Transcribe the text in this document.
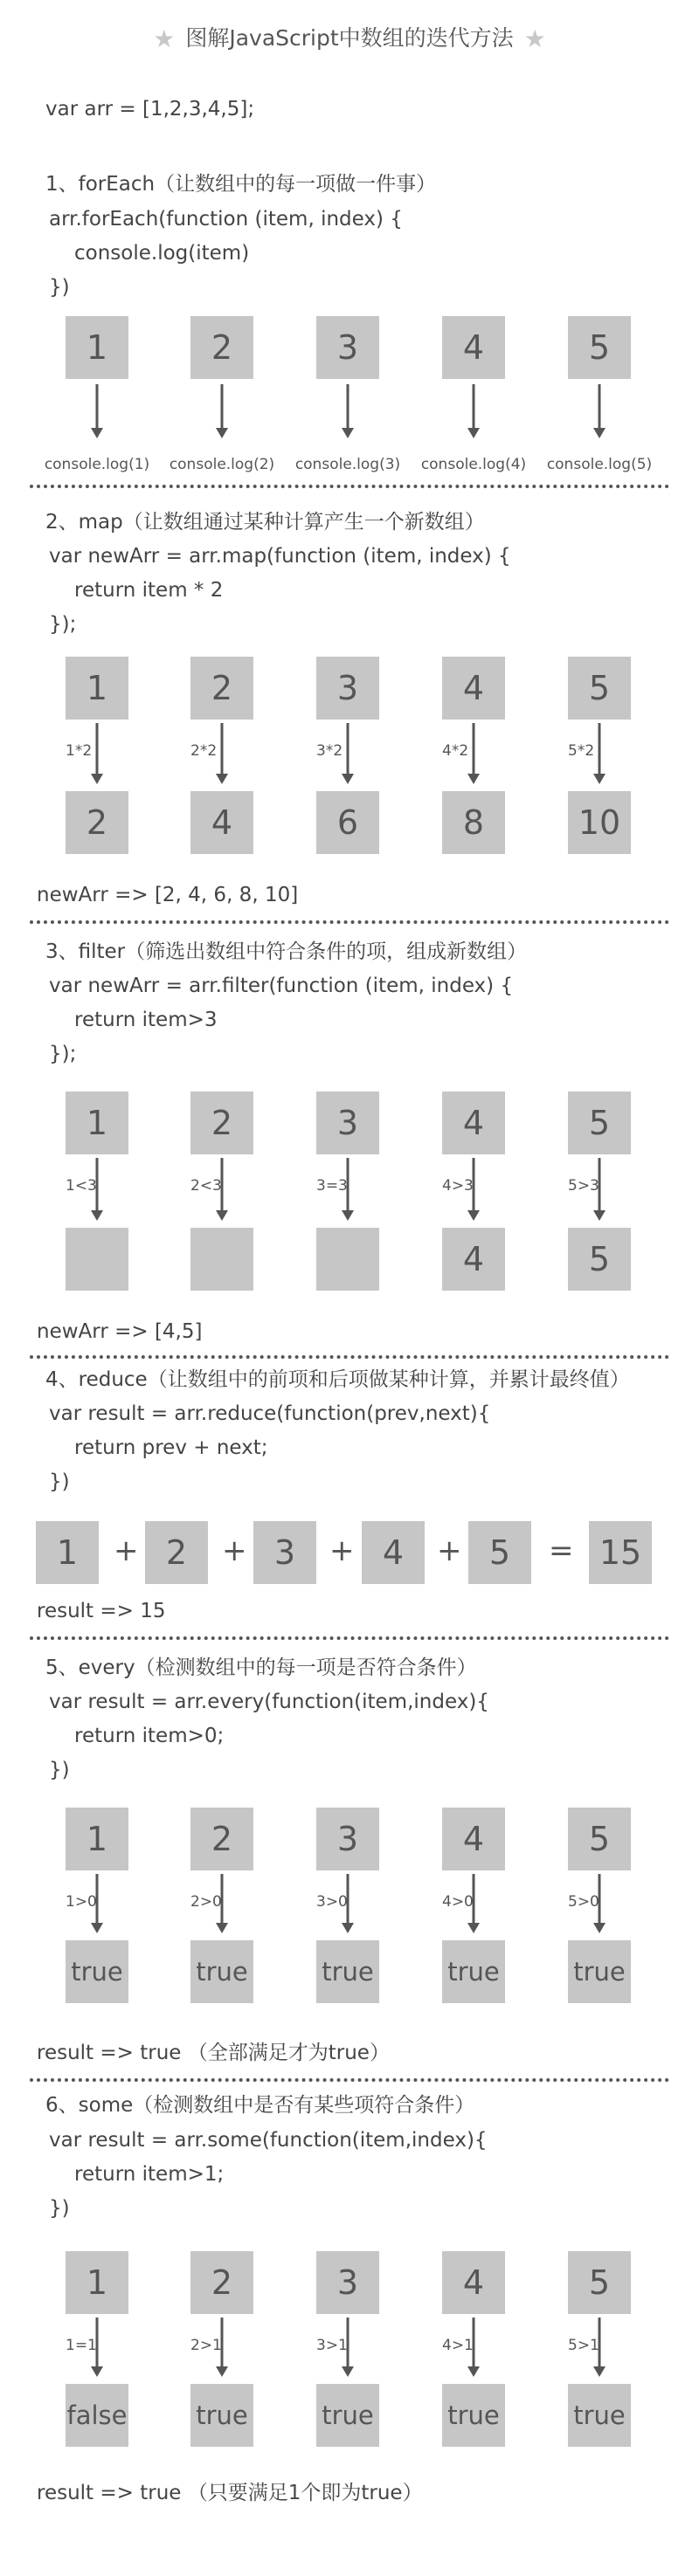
★ 图解JavaScript中数组的迭代方法 ★
var arr = [1,2,3,4,5];
1、forEach（让数组中的每一项做一件事）
arr.forEach(function (item, index) {
console.log(item)
})
1
console.log(1)
2
console.log(2)
3
console.log(3)
4
console.log(4)
5
console.log(5)
2、map（让数组通过某种计算产生一个新数组）
var newArr = arr.map(function (item, index) {
return item * 2
});
1
1*2
2
2
2*2
4
3
3*2
6
4
4*2
8
5
5*2
10
newArr => [2, 4, 6, 8, 10]
3、filter（筛选出数组中符合条件的项，组成新数组）
var newArr = arr.filter(function (item, index) {
return item>3
});
1
1<3
2
2<3
3
3=3
4
4>3
4
5
5>3
5
newArr => [4,5]
4、reduce（让数组中的前项和后项做某种计算，并累计最终值）
var result = arr.reduce(function(prev,next){
return prev + next;
})
1	+ 2	+ 3	+ 4	+ 5	= 15
result => 15
5、every（检测数组中的每一项是否符合条件）
var result = arr.every(function(item,index){
return item>0;
})
1
1>0
true
2
2>0
true
3
3>0
true
4
4>0
true
5
5>0
true
result => true （全部满足才为true）
6、some（检测数组中是否有某些项符合条件）
var result = arr.some(function(item,index){
return item>1;
})
1
1=1
false
2
2>1
true
3
3>1
true
4
4>1
true
5
5>1
true
result => true （只要满足1个即为true）
